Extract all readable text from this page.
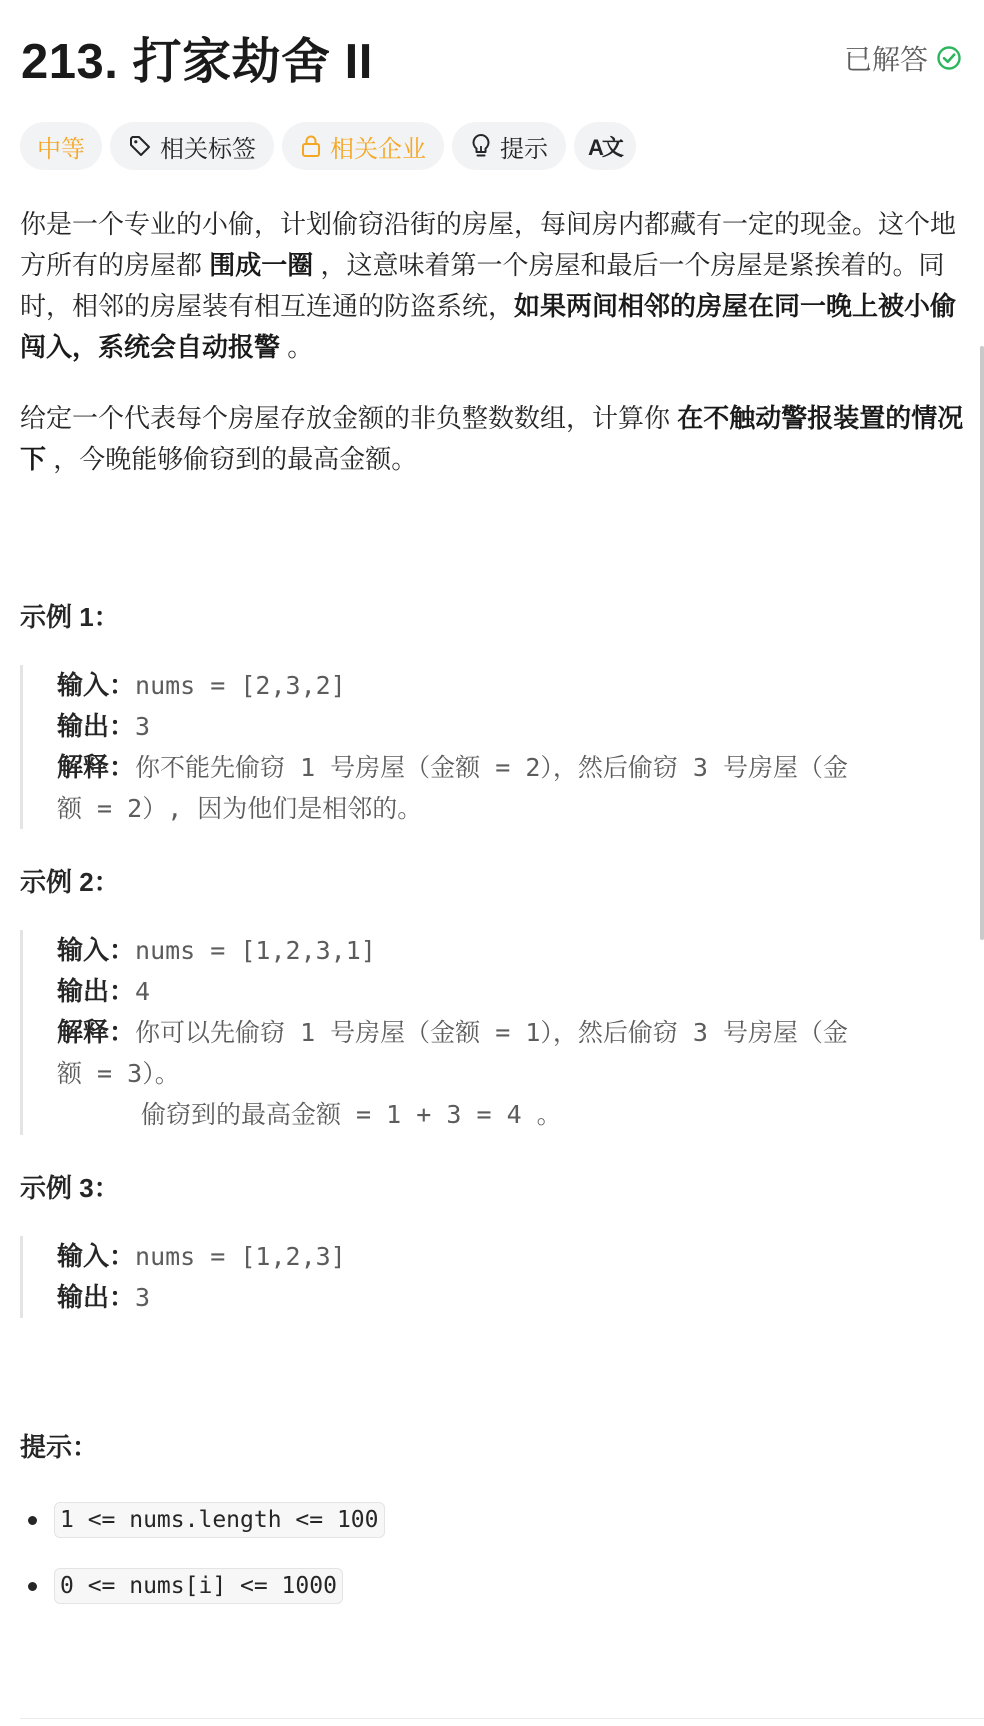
213. 打家劫舍 II	已解答
中等	相关标签	相关企业	提示 A文

你是一个专业的小偷，计划偷窃沿街的房屋，每间房内都藏有一定的现金。这个地方所有的房屋都 围成一圈 ，这意味着第一个房屋和最后一个房屋是紧挨着的。同时，相邻的房屋装有相互连通的防盗系统，如果两间相邻的房屋在同一晚上被小偷闯入，系统会自动报警 。

给定一个代表每个房屋存放金额的非负整数数组，计算你 在不触动警报装置的情况下 ，今晚能够偷窃到的最高金额。

示例 1：
输入：nums = [2,3,2]
输出：3
解释：你不能先偷窃 1 号房屋（金额 = 2），然后偷窃 3 号房屋（金
额 = 2）, 因为他们是相邻的。
示例 2：
输入：nums = [1,2,3,1]
输出：4
解释：你可以先偷窃 1 号房屋（金额 = 1），然后偷窃 3 号房屋（金
额 = 3）。
偷窃到的最高金额 = 1 + 3 = 4 。
示例 3：
输入：nums = [1,2,3]
输出：3
提示：
1 <= nums.length <= 100
0 <= nums[i] <= 1000
